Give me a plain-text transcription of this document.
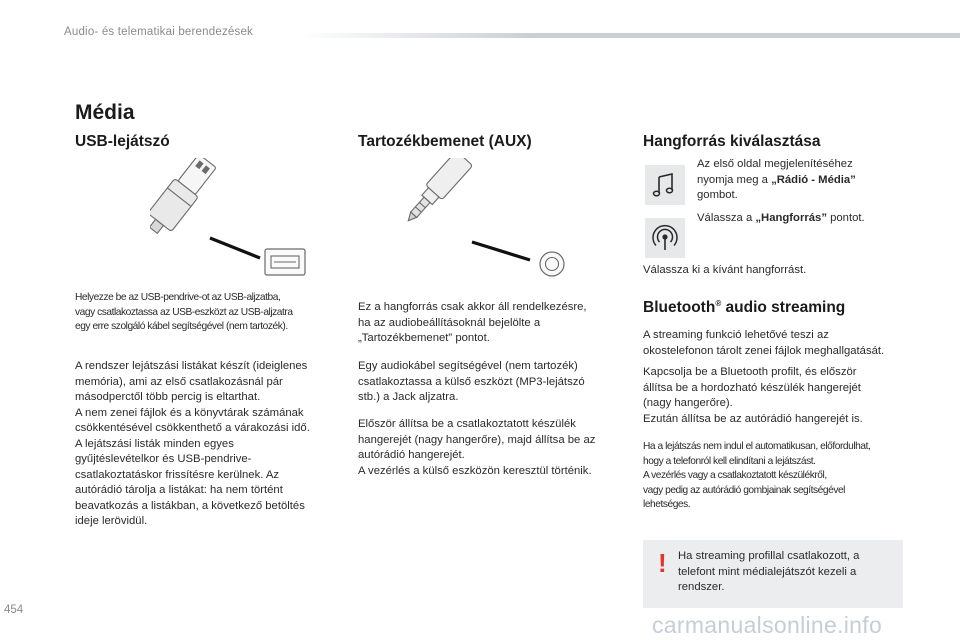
Audio- és telematikai berendezések
Média
USB-lejátszó

Helyezze be az USB-pendrive-ot az USB-aljzatba,
vagy csatlakoztassa az USB-eszközt az USB-aljzatra
egy erre szolgáló kábel segítségével (nem tartozék).

A rendszer lejátszási listákat készít (ideiglenes
memória), ami az első csatlakozásnál pár
másodperctől több percig is eltarthat.
A nem zenei fájlok és a könyvtárak számának
csökkentésével csökkenthető a várakozási idő.
A lejátszási listák minden egyes
gyűjtéslevételkor és USB-pendrive-
csatlakoztatáskor frissítésre kerülnek. Az
autórádió tárolja a listákat: ha nem történt
beavatkozás a listákban, a következő betöltés
ideje lerövidül.

Tartozékbemenet (AUX)

Ez a hangforrás csak akkor áll rendelkezésre,
ha az audiobeállításoknál bejelölte a
„Tartozékbemenet” pontot.

Egy audiokábel segítségével (nem tartozék)
csatlakoztassa a külső eszközt (MP3-lejátszó
stb.) a Jack aljzatra.

Először állítsa be a csatlakoztatott készülék
hangerejét (nagy hangerőre), majd állítsa be az
autórádió hangerejét.
A vezérlés a külső eszközön keresztül történik.

Hangforrás kiválasztása

Az első oldal megjelenítéséhez
nyomja meg a „Rádió - Média”
gombot.

Válassza a „Hangforrás” pontot.

Válassza ki a kívánt hangforrást.

Bluetooth® audio streaming

A streaming funkció lehetővé teszi az
okostelefonon tárolt zenei fájlok meghallgatását.

Kapcsolja be a Bluetooth profilt, és először
állítsa be a hordozható készülék hangerejét
(nagy hangerőre).
Ezután állítsa be az autórádió hangerejét is.

Ha a lejátszás nem indul el automatikusan, előfordulhat,
hogy a telefonról kell elindítani a lejátszást.
A vezérlés vagy a csatlakoztatott készülékről,
vagy pedig az autórádió gombjainak segítségével
lehetséges.

! Ha streaming profillal csatlakozott, a
telefont mint médialejátszót kezeli a
rendszer.
454
carmanualsonline.info
